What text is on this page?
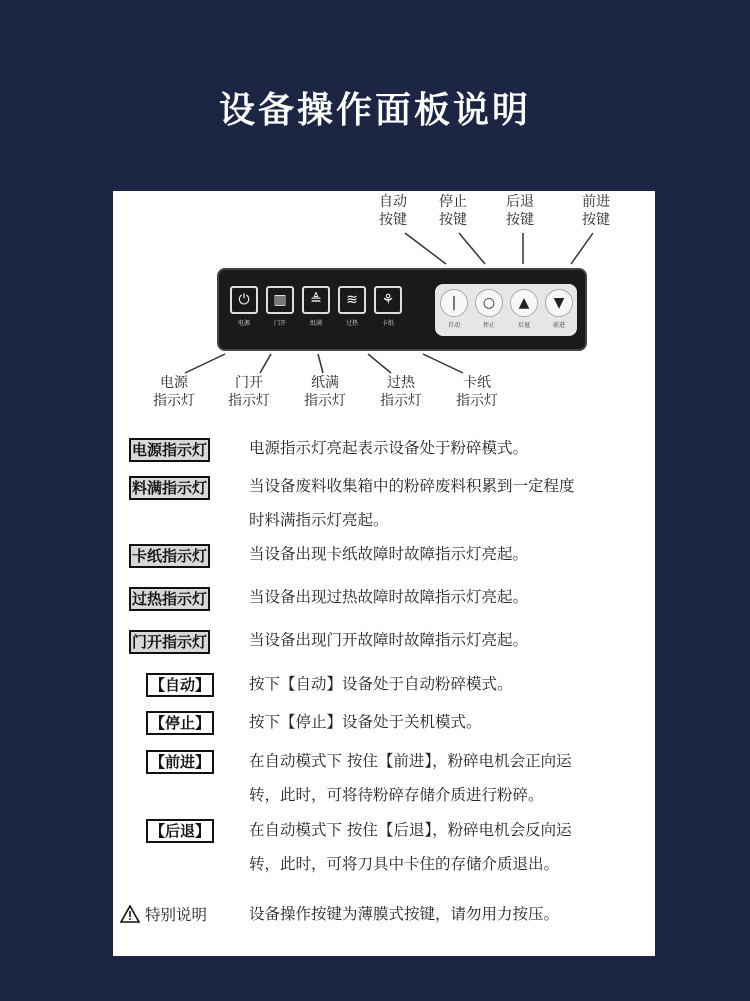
设备操作面板说明
自动
按键
停止
按键
后退
按键
前进
按键
⏻
电源
▥
门开
≜
纸满
≋
过热
⚘
卡纸
|
自动
○
停止
▲
后退
▼
前进
电源
指示灯
门开
指示灯
纸满
指示灯
过热
指示灯
卡纸
指示灯
电源指示灯	电源指示灯亮起表示设备处于粉碎模式。
料满指示灯	当设备废料收集箱中的粉碎废料积累到一定程度
时料满指示灯亮起。
卡纸指示灯	当设备出现卡纸故障时故障指示灯亮起。
过热指示灯	当设备出现过热故障时故障指示灯亮起。
门开指示灯	当设备出现门开故障时故障指示灯亮起。
【自动】	按下【自动】设备处于自动粉碎模式。
【停止】	按下【停止】设备处于关机模式。
【前进】	在自动模式下 按住【前进】，粉碎电机会正向运
转，此时，可将待粉碎存储介质进行粉碎。
【后退】	在自动模式下 按住【后退】，粉碎电机会反向运
转，此时，可将刀具中卡住的存储介质退出。
特别说明	设备操作按键为薄膜式按键，请勿用力按压。
